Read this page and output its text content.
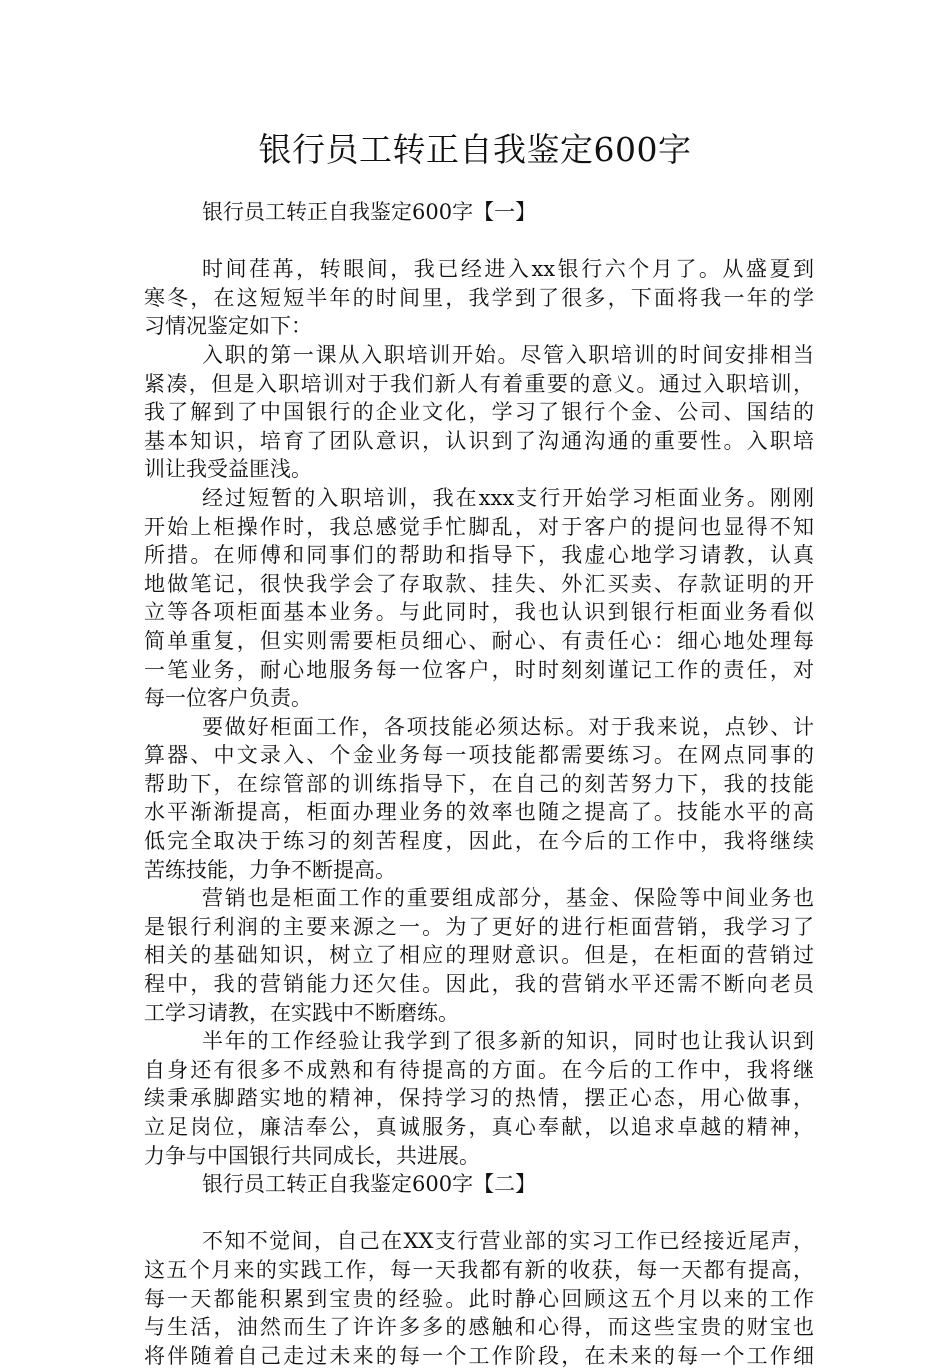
银行员工转正自我鉴定600字
银行员工转正自我鉴定600字【一】
时间荏苒，转眼间，我已经进入xx银行六个月了。从盛夏到
寒冬，在这短短半年的时间里，我学到了很多，下面将我一年的学
习情况鉴定如下：
入职的第一课从入职培训开始。尽管入职培训的时间安排相当
紧凑，但是入职培训对于我们新人有着重要的意义。通过入职培训，
我了解到了中国银行的企业文化，学习了银行个金、公司、国结的
基本知识，培育了团队意识，认识到了沟通沟通的重要性。入职培
训让我受益匪浅。
经过短暂的入职培训，我在xxx支行开始学习柜面业务。刚刚
开始上柜操作时，我总感觉手忙脚乱，对于客户的提问也显得不知
所措。在师傅和同事们的帮助和指导下，我虚心地学习请教，认真
地做笔记，很快我学会了存取款、挂失、外汇买卖、存款证明的开
立等各项柜面基本业务。与此同时，我也认识到银行柜面业务看似
简单重复，但实则需要柜员细心、耐心、有责任心：细心地处理每
一笔业务，耐心地服务每一位客户，时时刻刻谨记工作的责任，对
每一位客户负责。
要做好柜面工作，各项技能必须达标。对于我来说，点钞、计
算器、中文录入、个金业务每一项技能都需要练习。在网点同事的
帮助下，在综管部的训练指导下，在自己的刻苦努力下，我的技能
水平渐渐提高，柜面办理业务的效率也随之提高了。技能水平的高
低完全取决于练习的刻苦程度，因此，在今后的工作中，我将继续
苦练技能，力争不断提高。
营销也是柜面工作的重要组成部分，基金、保险等中间业务也
是银行利润的主要来源之一。为了更好的进行柜面营销，我学习了
相关的基础知识，树立了相应的理财意识。但是，在柜面的营销过
程中，我的营销能力还欠佳。因此，我的营销水平还需不断向老员
工学习请教，在实践中不断磨练。
半年的工作经验让我学到了很多新的知识，同时也让我认识到
自身还有很多不成熟和有待提高的方面。在今后的工作中，我将继
续秉承脚踏实地的精神，保持学习的热情，摆正心态，用心做事，
立足岗位，廉洁奉公，真诚服务，真心奉献，以追求卓越的精神，
力争与中国银行共同成长，共进展。
银行员工转正自我鉴定600字【二】
不知不觉间，自己在XX支行营业部的实习工作已经接近尾声，
这五个月来的实践工作，每一天我都有新的收获，每一天都有提高，
每一天都能积累到宝贵的经验。此时静心回顾这五个月以来的工作
与生活，油然而生了许许多多的感触和心得，而这些宝贵的财宝也
将伴随着自己走过未来的每一个工作阶段，在未来的每一个工作细
